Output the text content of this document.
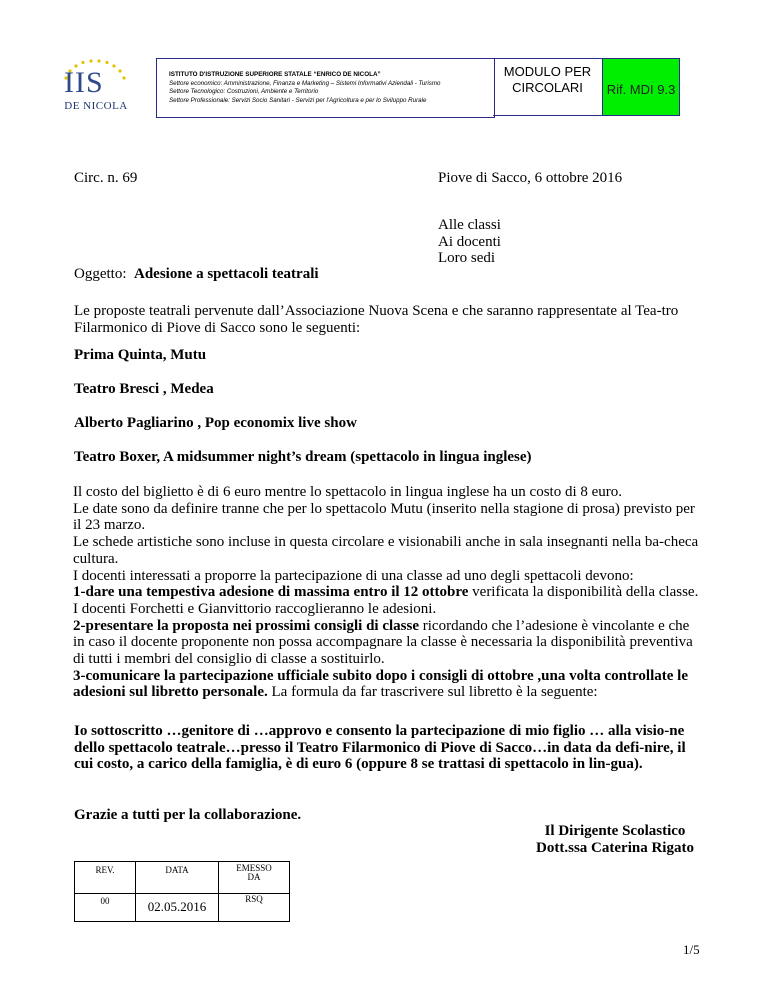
IIS
DE NICOLA
ISTITUTO D'ISTRUZIONE SUPERIORE STATALE “ENRICO DE NICOLA”
Settore economico: Amministrazione, Finanza e Marketing – Sistemi Informativi Aziendali - Turismo
Settore Tecnologico: Costruzioni, Ambiente e Territorio
Settore Professionale: Servizi Socio Sanitari - Servizi per l'Agricoltura e per lo Sviluppo Rurale
MODULO PER CIRCOLARI	Rif. MDI 9.3
Circ. n. 69	Piove di Sacco, 6 ottobre 2016
Alle classi
Ai docenti
Loro sedi
Oggetto: Adesione a spettacoli teatrali
Le proposte teatrali pervenute dall’Associazione Nuova Scena e che saranno rappresentate al Tea-tro Filarmonico di Piove di Sacco sono le seguenti:
Prima Quinta, Mutu
Teatro Bresci , Medea
Alberto Pagliarino , Pop economix live show
Teatro Boxer, A midsummer night’s dream (spettacolo in lingua inglese)

Il costo del biglietto è di 6 euro mentre lo spettacolo in lingua inglese ha un costo di 8 euro.

Le date sono da definire tranne che per lo spettacolo Mutu (inserito nella stagione di prosa) previsto per il 23 marzo.

Le schede artistiche sono incluse in questa circolare e visionabili anche in sala insegnanti nella ba-checa cultura.

I docenti interessati a proporre la partecipazione di una classe ad uno degli spettacoli devono:

1-dare una tempestiva adesione di massima entro il 12 ottobre verificata la disponibilità della classe.

I docenti Forchetti e Gianvittorio raccoglieranno le adesioni.

2-presentare la proposta nei prossimi consigli di classe ricordando che l’adesione è vincolante e che in caso il docente proponente non possa accompagnare la classe è necessaria la disponibilità preventiva di tutti i membri del consiglio di classe a sostituirlo.

3-comunicare la partecipazione ufficiale subito dopo i consigli di ottobre ,una volta controllate le adesioni sul libretto personale. La formula da far trascrivere sul libretto è la seguente:

Io sottoscritto …genitore di …approvo e consento la partecipazione di mio figlio … alla visio-ne dello spettacolo teatrale…presso il Teatro Filarmonico di Piove di Sacco…in data da defi-nire, il cui costo, a carico della famiglia, è di euro 6 (oppure 8 se trattasi di spettacolo in lin-gua).
Grazie a tutti per la collaborazione.
Il Dirigente Scolastico
Dott.ssa Caterina Rigato
REV.	DATA	EMESSO DA
00	02.05.2016	RSQ
1/5
